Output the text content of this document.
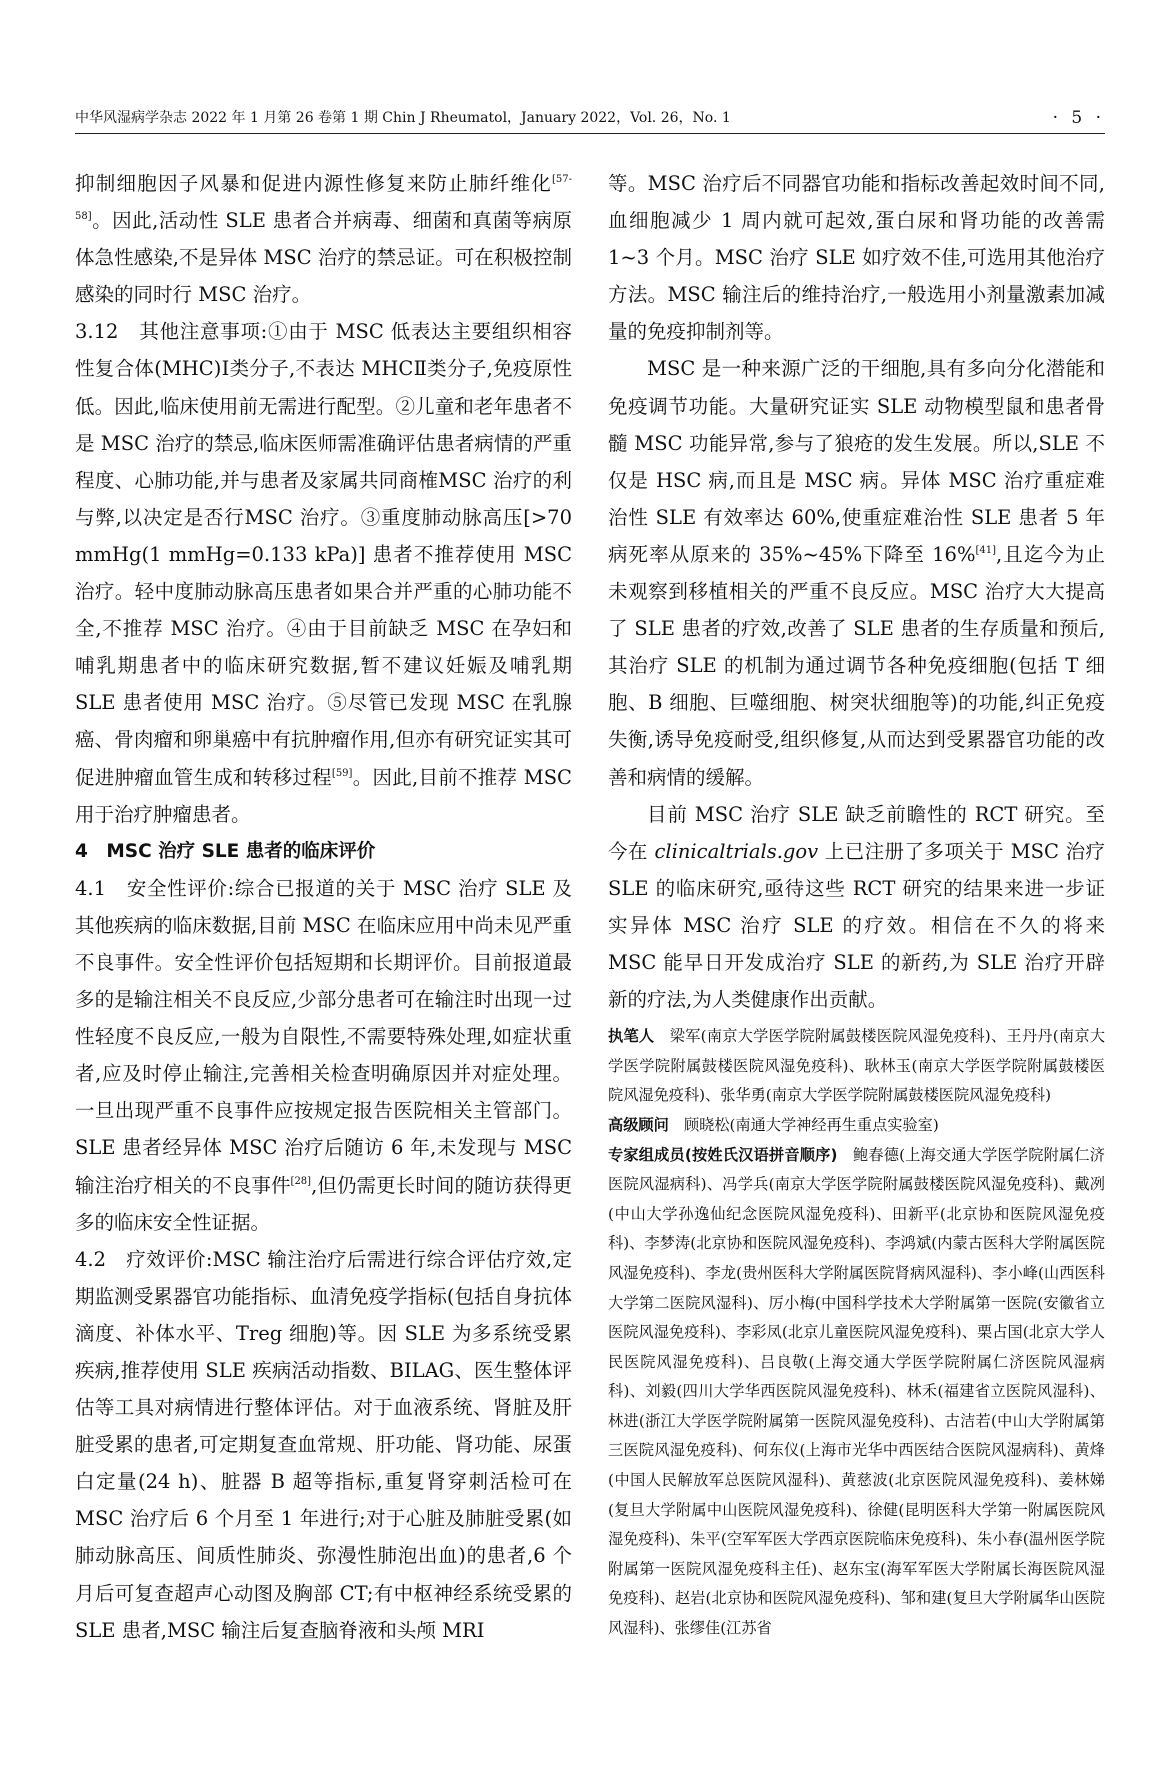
中华风湿病学杂志 2022 年 1 月第 26 卷第 1 期 Chin J Rheumatol，January 2022，Vol. 26，No. 1	· 5 ·

抑制细胞因子风暴和促进内源性修复来防止肺纤维化[57-58]。因此,活动性 SLE 患者合并病毒、细菌和真菌等病原体急性感染,不是异体 MSC 治疗的禁忌证。可在积极控制感染的同时行 MSC 治疗。

3.12　其他注意事项:①由于 MSC 低表达主要组织相容性复合体(MHC)Ⅰ类分子,不表达 MHCⅡ类分子,免疫原性低。因此,临床使用前无需进行配型。②儿童和老年患者不是 MSC 治疗的禁忌,临床医师需准确评估患者病情的严重程度、心肺功能,并与患者及家属共同商榷MSC 治疗的利与弊,以决定是否行MSC 治疗。③重度肺动脉高压[>70 mmHg(1 mmHg=0.133 kPa)] 患者不推荐使用 MSC 治疗。轻中度肺动脉高压患者如果合并严重的心肺功能不全,不推荐 MSC 治疗。④由于目前缺乏 MSC 在孕妇和哺乳期患者中的临床研究数据,暂不建议妊娠及哺乳期 SLE 患者使用 MSC 治疗。⑤尽管已发现 MSC 在乳腺癌、骨肉瘤和卵巢癌中有抗肿瘤作用,但亦有研究证实其可促进肿瘤血管生成和转移过程[59]。因此,目前不推荐 MSC 用于治疗肿瘤患者。

4　MSC 治疗 SLE 患者的临床评价

4.1　安全性评价:综合已报道的关于 MSC 治疗 SLE 及其他疾病的临床数据,目前 MSC 在临床应用中尚未见严重不良事件。安全性评价包括短期和长期评价。目前报道最多的是输注相关不良反应,少部分患者可在输注时出现一过性轻度不良反应,一般为自限性,不需要特殊处理,如症状重者,应及时停止输注,完善相关检查明确原因并对症处理。一旦出现严重不良事件应按规定报告医院相关主管部门。SLE 患者经异体 MSC 治疗后随访 6 年,未发现与 MSC 输注治疗相关的不良事件[28],但仍需更长时间的随访获得更多的临床安全性证据。

4.2　疗效评价:MSC 输注治疗后需进行综合评估疗效,定期监测受累器官功能指标、血清免疫学指标(包括自身抗体滴度、补体水平、Treg 细胞)等。因 SLE 为多系统受累疾病,推荐使用 SLE 疾病活动指数、BILAG、医生整体评估等工具对病情进行整体评估。对于血液系统、肾脏及肝脏受累的患者,可定期复查血常规、肝功能、肾功能、尿蛋白定量(24 h)、脏器 B 超等指标,重复肾穿刺活检可在 MSC 治疗后 6 个月至 1 年进行;对于心脏及肺脏受累(如肺动脉高压、间质性肺炎、弥漫性肺泡出血)的患者,6 个月后可复查超声心动图及胸部 CT;有中枢神经系统受累的 SLE 患者,MSC 输注后复查脑脊液和头颅 MRI

等。MSC 治疗后不同器官功能和指标改善起效时间不同,血细胞减少 1 周内就可起效,蛋白尿和肾功能的改善需 1~3 个月。MSC 治疗 SLE 如疗效不佳,可选用其他治疗方法。MSC 输注后的维持治疗,一般选用小剂量激素加减量的免疫抑制剂等。

MSC 是一种来源广泛的干细胞,具有多向分化潜能和免疫调节功能。大量研究证实 SLE 动物模型鼠和患者骨髓 MSC 功能异常,参与了狼疮的发生发展。所以,SLE 不仅是 HSC 病,而且是 MSC 病。异体 MSC 治疗重症难治性 SLE 有效率达 60%,使重症难治性 SLE 患者 5 年病死率从原来的 35%~45%下降至 16%[41],且迄今为止未观察到移植相关的严重不良反应。MSC 治疗大大提高了 SLE 患者的疗效,改善了 SLE 患者的生存质量和预后,其治疗 SLE 的机制为通过调节各种免疫细胞(包括 T 细胞、B 细胞、巨噬细胞、树突状细胞等)的功能,纠正免疫失衡,诱导免疫耐受,组织修复,从而达到受累器官功能的改善和病情的缓解。

目前 MSC 治疗 SLE 缺乏前瞻性的 RCT 研究。至今在 clinicaltrials.gov 上已注册了多项关于 MSC 治疗 SLE 的临床研究,亟待这些 RCT 研究的结果来进一步证实异体 MSC 治疗 SLE 的疗效。相信在不久的将来 MSC 能早日开发成治疗 SLE 的新药,为 SLE 治疗开辟新的疗法,为人类健康作出贡献。

执笔人　 梁军(南京大学医学院附属鼓楼医院风湿免疫科)、王丹丹(南京大学医学院附属鼓楼医院风湿免疫科)、耿林玉(南京大学医学院附属鼓楼医院风湿免疫科)、张华勇(南京大学医学院附属鼓楼医院风湿免疫科)

高级顾问　 顾晓松(南通大学神经再生重点实验室)

专家组成员(按姓氏汉语拼音顺序)　 鲍春德(上海交通大学医学院附属仁济医院风湿病科)、冯学兵(南京大学医学院附属鼓楼医院风湿免疫科)、戴冽(中山大学孙逸仙纪念医院风湿免疫科)、田新平(北京协和医院风湿免疫科)、李梦涛(北京协和医院风湿免疫科)、李鸿斌(内蒙古医科大学附属医院风湿免疫科)、李龙(贵州医科大学附属医院肾病风湿科)、李小峰(山西医科大学第二医院风湿科)、厉小梅(中国科学技术大学附属第一医院(安徽省立医院风湿免疫科)、李彩凤(北京儿童医院风湿免疫科)、栗占国(北京大学人民医院风湿免疫科)、吕良敬(上海交通大学医学院附属仁济医院风湿病科)、刘毅(四川大学华西医院风湿免疫科)、林禾(福建省立医院风湿科)、林进(浙江大学医学院附属第一医院风湿免疫科)、古洁若(中山大学附属第三医院风湿免疫科)、何东仪(上海市光华中西医结合医院风湿病科)、黄烽(中国人民解放军总医院风湿科)、黄慈波(北京医院风湿免疫科)、姜林娣(复旦大学附属中山医院风湿免疫科)、徐健(昆明医科大学第一附属医院风湿免疫科)、朱平(空军军医大学西京医院临床免疫科)、朱小春(温州医学院附属第一医院风湿免疫科主任)、赵东宝(海军军医大学附属长海医院风湿免疫科)、赵岩(北京协和医院风湿免疫科)、邹和建(复旦大学附属华山医院风湿科)、张缪佳(江苏省
